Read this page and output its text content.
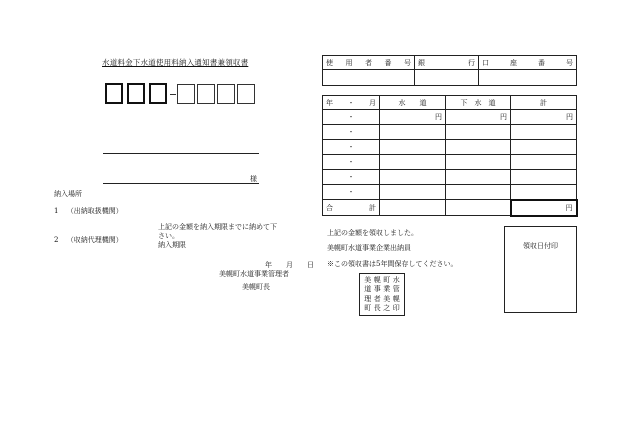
水道料金下水道使用料納入通知書兼領収書
様
納入場所
1 （出納取扱機関）
2 （収納代理機関）
上記の金額を納入期限までに納めて下
さい。
納入期限
年 月 日
美幌町水道事業管理者
美幌町長
使　用　者　番　号	銀 行	口　座　番　号

年　・　月	水　　道	下　水　道	計
・	円	円	円
・			
・			
・			
・			
・			
合　　　計			円
上記の金額を領収しました。
美幌町水道事業企業出納員
※この領収書は5年間保存してください。
美 幌 町 水
道 事 業 管
理 者 美 幌
町 長 之 印
領収日付印
